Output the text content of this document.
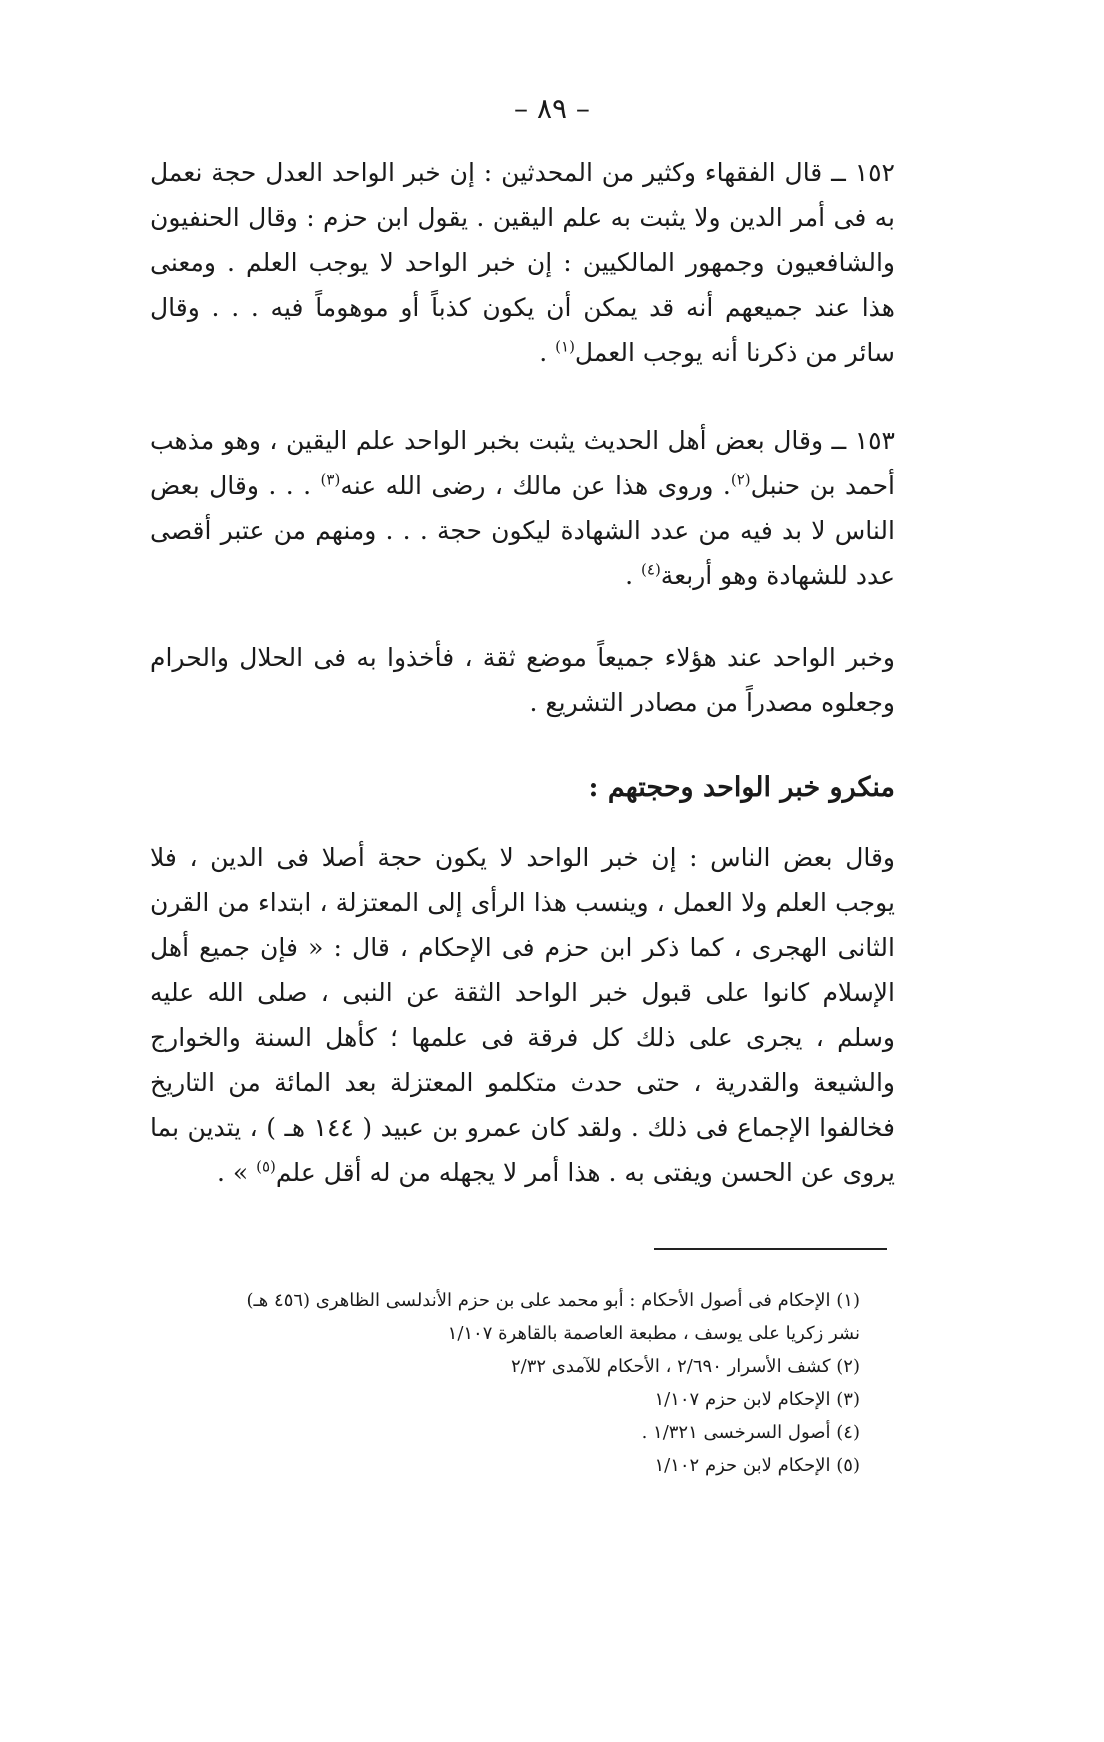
– ٨٩ –

١٥٢ ــ قال الفقهاء وكثير من المحدثين : إن خبر الواحد العدل حجة نعمل به فى أمر الدين ولا يثبت به علم اليقين . يقول ابن حزم : وقال الحنفيون والشافعيون وجمهور المالكيين : إن خبر الواحد لا يوجب العلم . ومعنى هذا عند جميعهم أنه قد يمكن أن يكون كذباً أو موهوماً فيه . . . وقال سائر من ذكرنا أنه يوجب العمل$^{(١)}$ .

١٥٣ ــ وقال بعض أهل الحديث يثبت بخبر الواحد علم اليقين ، وهو مذهب أحمد بن حنبل$^{(٢)}$. وروى هذا عن مالك ، رضى الله عنه$^{(٣)}$ . . . وقال بعض الناس لا بد فيه من عدد الشهادة ليكون حجة . . . ومنهم من عتبر أقصى عدد للشهادة وهو أربعة$^{(٤)}$ .

وخبر الواحد عند هؤلاء جميعاً موضع ثقة ، فأخذوا به فى الحلال والحرام وجعلوه مصدراً من مصادر التشريع .

منكرو خبر الواحد وحجتهم :

وقال بعض الناس : إن خبر الواحد لا يكون حجة أصلا فى الدين ، فلا يوجب العلم ولا العمل ، وينسب هذا الرأى إلى المعتزلة ، ابتداء من القرن الثانى الهجرى ، كما ذكر ابن حزم فى الإحكام ، قال : « فإن جميع أهل الإسلام كانوا على قبول خبر الواحد الثقة عن النبى ، صلى الله عليه وسلم ، يجرى على ذلك كل فرقة فى علمها ؛ كأهل السنة والخوارج والشيعة والقدرية ، حتى حدث متكلمو المعتزلة بعد المائة من التاريخ فخالفوا الإجماع فى ذلك . ولقد كان عمرو بن عبيد ( ١٤٤ هـ ) ، يتدين بما يروى عن الحسن ويفتى به . هذا أمر لا يجهله من له أقل علم$^{(٥)}$ » .

(١) الإحكام فى أصول الأحكام : أبو محمد على بن حزم الأندلسى الظاهرى (٤٥٦ هـ)

نشر زكريا على يوسف ، مطبعة العاصمة بالقاهرة ١/١٠٧

(٢) كشف الأسرار ٢/٦٩٠ ، الأحكام للآمدى ٢/٣٢

(٣) الإحكام لابن حزم ١/١٠٧

(٤) أصول السرخسى ١/٣٢١ .

(٥) الإحكام لابن حزم ١/١٠٢
